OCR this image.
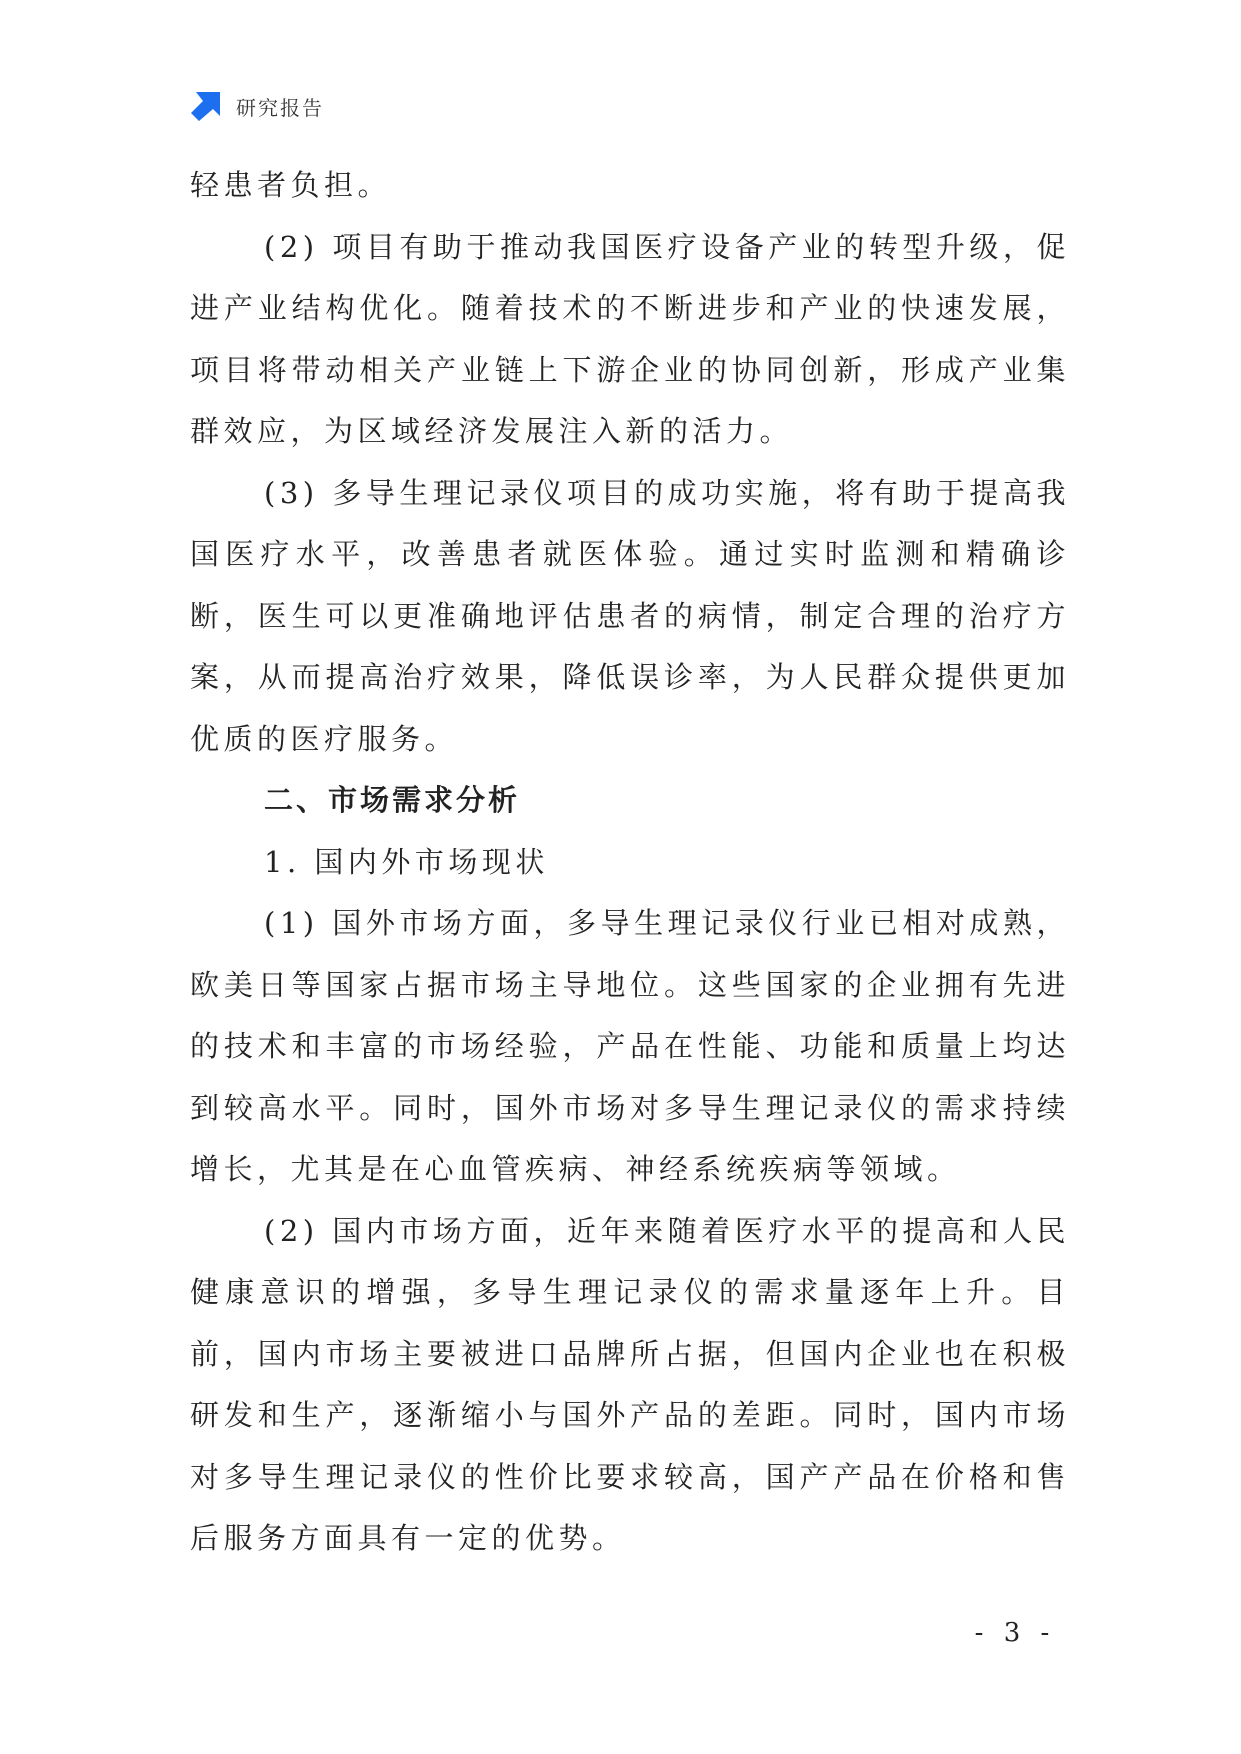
研究报告

轻患者负担。

(2) 项目有助于推动我国医疗设备产业的转型升级，促进产业结构优化。随着技术的不断进步和产业的快速发展，项目将带动相关产业链上下游企业的协同创新，形成产业集群效应，为区域经济发展注入新的活力。

(3) 多导生理记录仪项目的成功实施，将有助于提高我国医疗水平，改善患者就医体验。通过实时监测和精确诊断，医生可以更准确地评估患者的病情，制定合理的治疗方案，从而提高治疗效果，降低误诊率，为人民群众提供更加优质的医疗服务。

二、市场需求分析

1. 国内外市场现状

(1) 国外市场方面，多导生理记录仪行业已相对成熟，欧美日等国家占据市场主导地位。这些国家的企业拥有先进的技术和丰富的市场经验，产品在性能、功能和质量上均达到较高水平。同时，国外市场对多导生理记录仪的需求持续增长，尤其是在心血管疾病、神经系统疾病等领域。

(2) 国内市场方面，近年来随着医疗水平的提高和人民健康意识的增强，多导生理记录仪的需求量逐年上升。目前，国内市场主要被进口品牌所占据，但国内企业也在积极研发和生产，逐渐缩小与国外产品的差距。同时，国内市场对多导生理记录仪的性价比要求较高，国产产品在价格和售后服务方面具有一定的优势。

- 3 -
